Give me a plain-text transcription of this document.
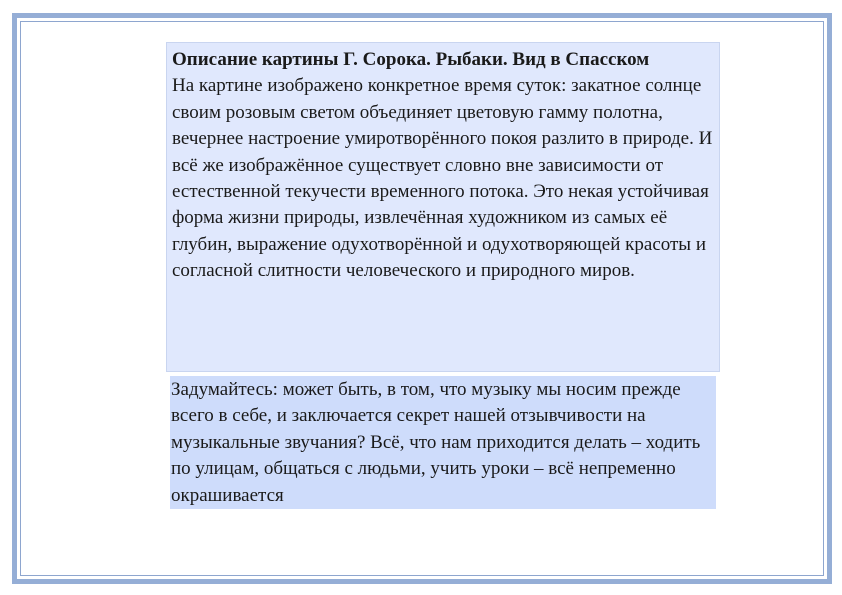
Описание картины Г. Сорока. Рыбаки. Вид в Спасском
На картине изображено конкретное время суток: закатное солнце своим розовым светом объединяет цветовую гамму полотна, вечернее настроение умиротворённого покоя разлито в природе. И всё же изображённое существует словно вне зависимости от естественной текучести временного потока. Это некая устойчивая форма жизни природы, извлечённая художником из самых её глубин, выражение одухотворённой и одухотворяющей красоты и согласной слитности человеческого и природного миров.
Задумайтесь: может быть, в том, что музыку мы носим прежде всего в себе, и заключается секрет нашей отзывчивости на музыкальные звучания? Всё, что нам приходится делать – ходить по улицам, общаться с людьми, учить уроки – всё непременно окрашивается
